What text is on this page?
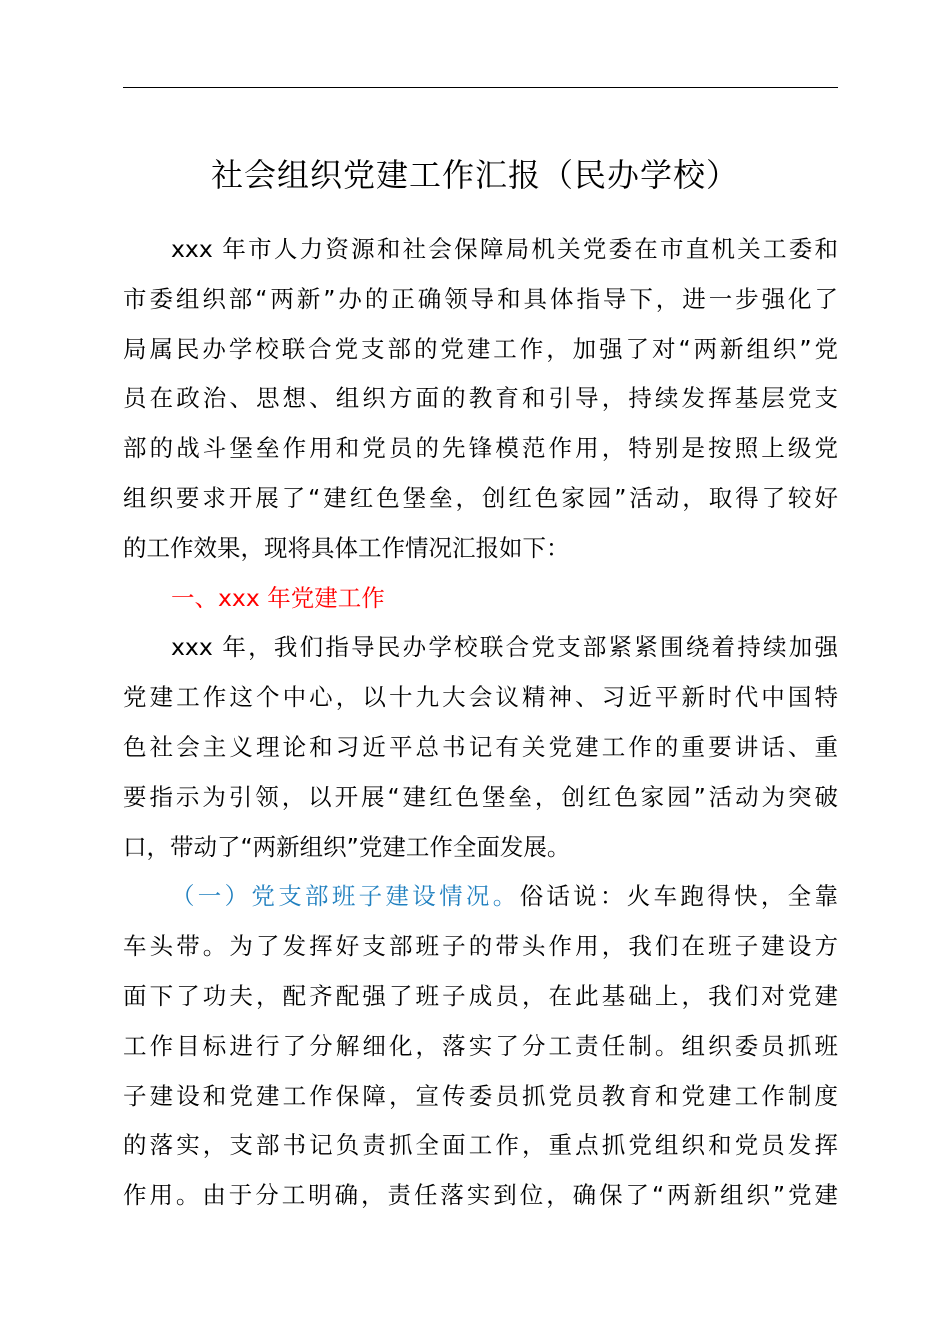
社会组织党建工作汇报（民办学校）
xxx 年市人力资源和社会保障局机关党委在市直机关工委和
市委组织部“两新”办的正确领导和具体指导下，进一步强化了
局属民办学校联合党支部的党建工作，加强了对“两新组织”党
员在政治、思想、组织方面的教育和引导，持续发挥基层党支
部的战斗堡垒作用和党员的先锋模范作用，特别是按照上级党
组织要求开展了“建红色堡垒，创红色家园”活动，取得了较好
的工作效果，现将具体工作情况汇报如下：
一、xxx 年党建工作
xxx 年，我们指导民办学校联合党支部紧紧围绕着持续加强
党建工作这个中心，以十九大会议精神、习近平新时代中国特
色社会主义理论和习近平总书记有关党建工作的重要讲话、重
要指示为引领，以开展“建红色堡垒，创红色家园”活动为突破
口，带动了“两新组织”党建工作全面发展。
（一）党支部班子建设情况。俗话说：火车跑得快，全靠
车头带。为了发挥好支部班子的带头作用，我们在班子建设方
面下了功夫，配齐配强了班子成员，在此基础上，我们对党建
工作目标进行了分解细化，落实了分工责任制。组织委员抓班
子建设和党建工作保障，宣传委员抓党员教育和党建工作制度
的落实，支部书记负责抓全面工作，重点抓党组织和党员发挥
作用。由于分工明确，责任落实到位，确保了“两新组织”党建
